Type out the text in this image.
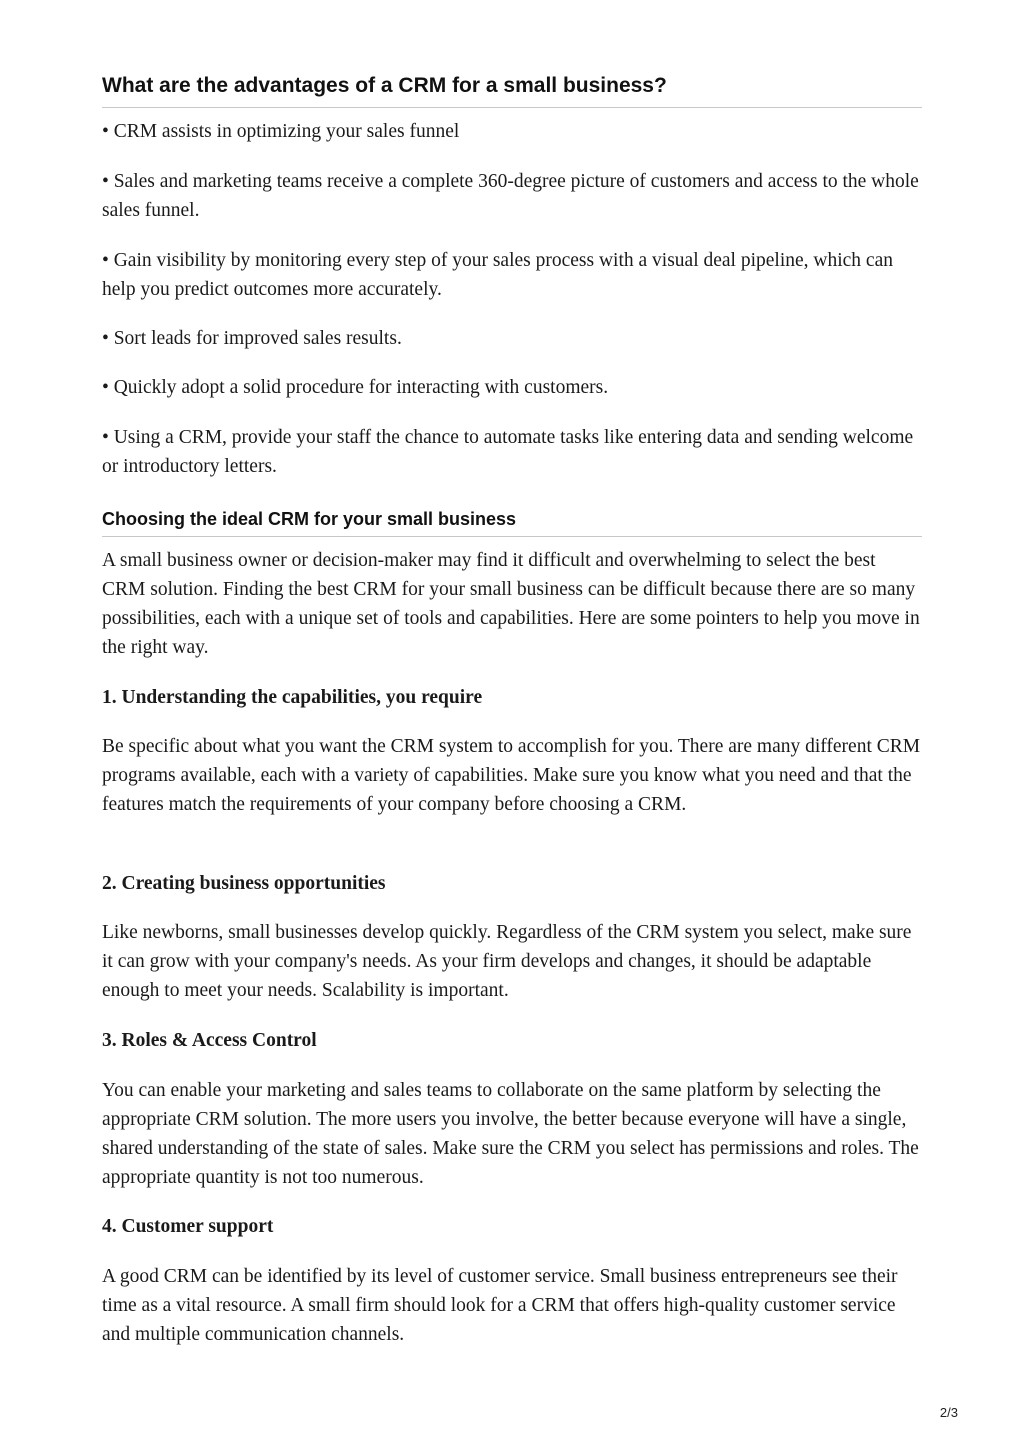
What are the advantages of a CRM for a small business?

• CRM assists in optimizing your sales funnel

• Sales and marketing teams receive a complete 360-degree picture of customers and access to the whole sales funnel.

• Gain visibility by monitoring every step of your sales process with a visual deal pipeline, which can help you predict outcomes more accurately.

• Sort leads for improved sales results.

• Quickly adopt a solid procedure for interacting with customers.

• Using a CRM, provide your staff the chance to automate tasks like entering data and sending welcome or introductory letters.

Choosing the ideal CRM for your small business

A small business owner or decision-maker may find it difficult and overwhelming to select the best CRM solution. Finding the best CRM for your small business can be difficult because there are so many possibilities, each with a unique set of tools and capabilities. Here are some pointers to help you move in the right way.

1. Understanding the capabilities, you require

Be specific about what you want the CRM system to accomplish for you. There are many different CRM programs available, each with a variety of capabilities. Make sure you know what you need and that the features match the requirements of your company before choosing a CRM.

2. Creating business opportunities

Like newborns, small businesses develop quickly. Regardless of the CRM system you select, make sure it can grow with your company's needs. As your firm develops and changes, it should be adaptable enough to meet your needs. Scalability is important.

3. Roles & Access Control

You can enable your marketing and sales teams to collaborate on the same platform by selecting the appropriate CRM solution. The more users you involve, the better because everyone will have a single, shared understanding of the state of sales. Make sure the CRM you select has permissions and roles. The appropriate quantity is not too numerous.

4. Customer support

A good CRM can be identified by its level of customer service. Small business entrepreneurs see their time as a vital resource. A small firm should look for a CRM that offers high-quality customer service and multiple communication channels.

2/3
